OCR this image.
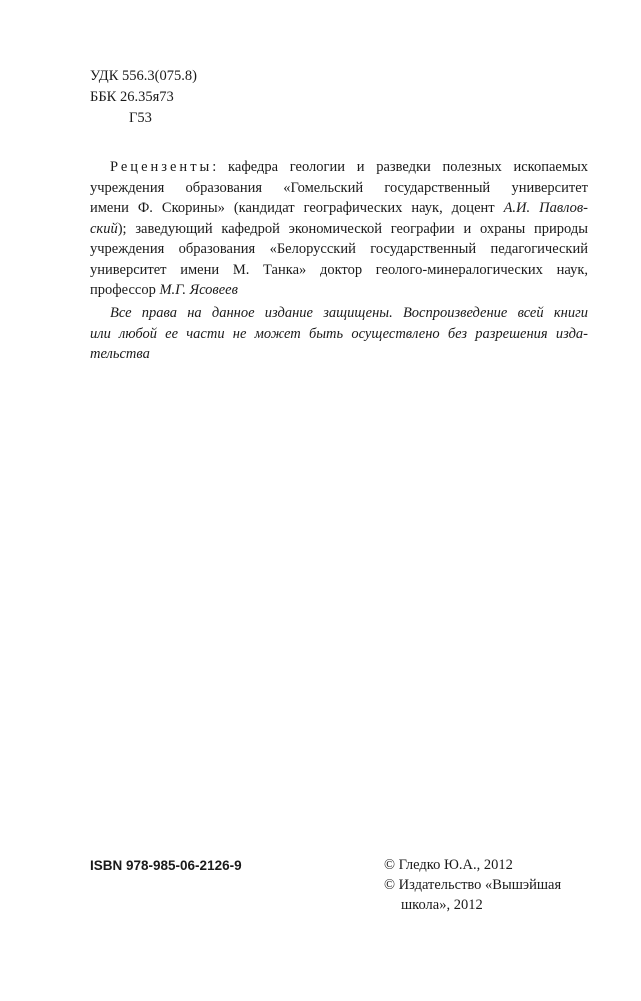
УДК 556.3(075.8)
ББК 26.35я73
Г53
Рецензенты: кафедра геологии и разведки полезных ископаемых
учреждения образования «Гомельский государственный университет
имени Ф. Скорины» (кандидат географических наук, доцент А.И. Павлов-
ский); заведующий кафедрой экономической географии и охраны природы
учреждения образования «Белорусский государственный педагогический
университет имени М. Танка» доктор геолого-минералогических наук,
профессор М.Г. Ясовеев
Все права на данное издание защищены. Воспроизведение всей книги
или любой ее части не может быть осуществлено без разрешения изда-
тельства
ISBN 978-985-06-2126-9	© Гледко Ю.А., 2012
© Издательство «Вышэйшая
школа», 2012
